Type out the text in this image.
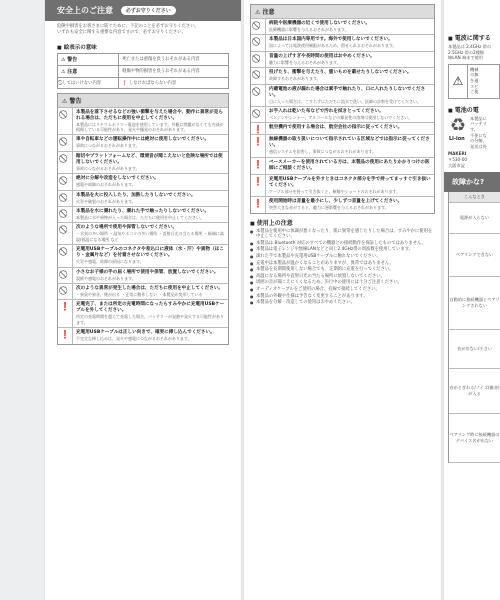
安全上のご注意	必ずお守りください
危険や損害をお客さまに防ぐために、下記のことを必ずお守りください。
いずれも安全に関する重要な内容ですので、必ずお守りください。
■ 絵表示の意味
⚠ 警告	死亡または重傷を負うおそれがある内容
⚠ 注意	軽傷や物的損害を負うおそれがある内容
してはいけない内容	❗ しなければならない内容
⚠ 警告
本製品を落下させるなどの強い衝撃を与えた場合や、動作に異常が見られる場合は、ただちに使用を中止してください。
本製品にはリチウムポリマー電池を使用しています。外観に問題がなくても内部が損傷している可能性があり、発火や爆発のおそれがあります。
車や自転車などの運転操作中には絶対に使用しないでください。
事故につながるおそれがあります。
踏切やプラットフォームなど、環境音が聞こえないと危険な場所では使用しないでください。
事故につながるおそれがあります。
絶対に分解や改造をしないでください。
感電や故障のおそれがあります。
本製品を火に投入したり、加熱したりしないでください。
火災や破裂のおそれがあります。
本製品を水に濡れたり、濡れた手で触ったりしないでください。
本製品に水や異物が入った場合は、ただちに使用を中止してください。
次のような場所で使用や保管しないでください。
・水気の多い場所 ・湿気やホコリの多い場所 ・直射日光の当たる場所 ・極端に高温/低温になる場所 など
充電用USBケーブルのコネクタや差込口に液体（水・汗）や異物（ほこり・金属片など）を付着させないでください。
火災や感電、故障の原因になります。
小さなお子様の手の届く場所で使用や保管、放置しないでください。
誤飲や感電のおそれがあります。
次のような異常が発生した場合は、ただちに使用を中止してください。
・異臭や異音、煙が出る ・正常に動作しない ・本製品が変形している
❗	充電完了、または所定の充電時間になったらすみやかに充電用USBケーブルを外してください。
所定の充電時間を超えて充電した場合、バッテリーが発熱や発火する可能性があります。
❗	充電用USBケーブルは正しい向きで、確実に挿し込んでください。
不完全な挿し込みは、発火や感電につながるおそれがあります。
⚠ 注意
病院や医療機器の近くで使用しないでください。
医療機器に影響を与えるおそれがあります。
本製品は日本国内専用です。海外で使用しないでください。
国によっては電波使用制限があるため、罰せられるおそれがあります。
音量の上げすぎや長時間の使用はおやめください。
聴力に影響を与えるおそれがあります。
投げたり、衝撃を与えたり、重いものを載せたりしないでください。
故障するおそれがあります。
内蔵電池の液が漏れた場合は素手で触れたり、口に入れたりしないでください。
目に入った場合は、こすらずにただちに流水で洗い、医師の診察を受けてください。
お手入れは乾いた布などで汚れを拭きとってください。
ベンジンやシンナー、アルコールなどの揮発性の溶剤は使用しないでください。
❗	航空機内で使用する場合は、航空会社の指示に従ってください。
❗	無線機器の取り扱いについて指示されている区域などでは指示に従ってください。
通信システムを妨害し、事故につながるおそれがあります。
❗	ペースメーカーを使用されている方は、本製品の使用にあたりかかりつけの医師にご相談ください。
❗	充電用USBケーブルを外すときはコネクタ部分を手で持ってまっすぐ引き抜いてください。
ケーブル部分を持って引き抜くと、断線やショートのおそれがあります。
❗	使用開始時は音量を最小にし、少しずつ音量を上げてください。
突然大きな音がすると、聴力に悪影響を与えるおそれがあります。
■ 使用上の注意
● 本製品を使用中に体調が悪くなったり、肌に異常を感じたりした場合は、すみやかに使用を中止してください。
● 本製品は Bluetooth 対応のすべての機器との接続動作を保証したものではありません。
● 本製品は電子レンジや無線LANなどと同じ2.4GHz帯の周波数を使用しています。
● 濡れた手で本製品や充電用USBケーブルに触れないでください。
● 充電中は本製品が温かくなることがありますが、異常ではありません。
● 本製品を長期間使用しない場合でも、定期的に充電を行ってください。
● 高温になる場所や直射日光の当たる場所に放置しないでください。
● 周囲の音が聞こえにくくなるため、歩行中の使用には十分ご注意ください。
● オーディオケーブルをご使用の場合、有線で接続してください。
● 本製品の外観や仕様は予告なく変更することがあります。
● 本製品を分解・改造しての使用はおやめください。
■ 電波に関する
本製品は 2.4GHz 帯の
2.5GHz 帯の2種類
線LAN 端末で使用
⚠
機械
の無
を通
スピ
ご使
■ 電池の電
♻
Li-ion
本製品に
バッテリ
す。
不要にな
の分解、
発送は外
MAKERI
〒530-00
大阪市淀
故障かな?
こんなとき
電源が入らない
ペアリングできない
自動的に接続機器とペアリングされない
音が出ない/小さい
音がとぎれる/ノイズ(雑音)が入る
ペアリング時に接続機器のデバイス名が出ない
